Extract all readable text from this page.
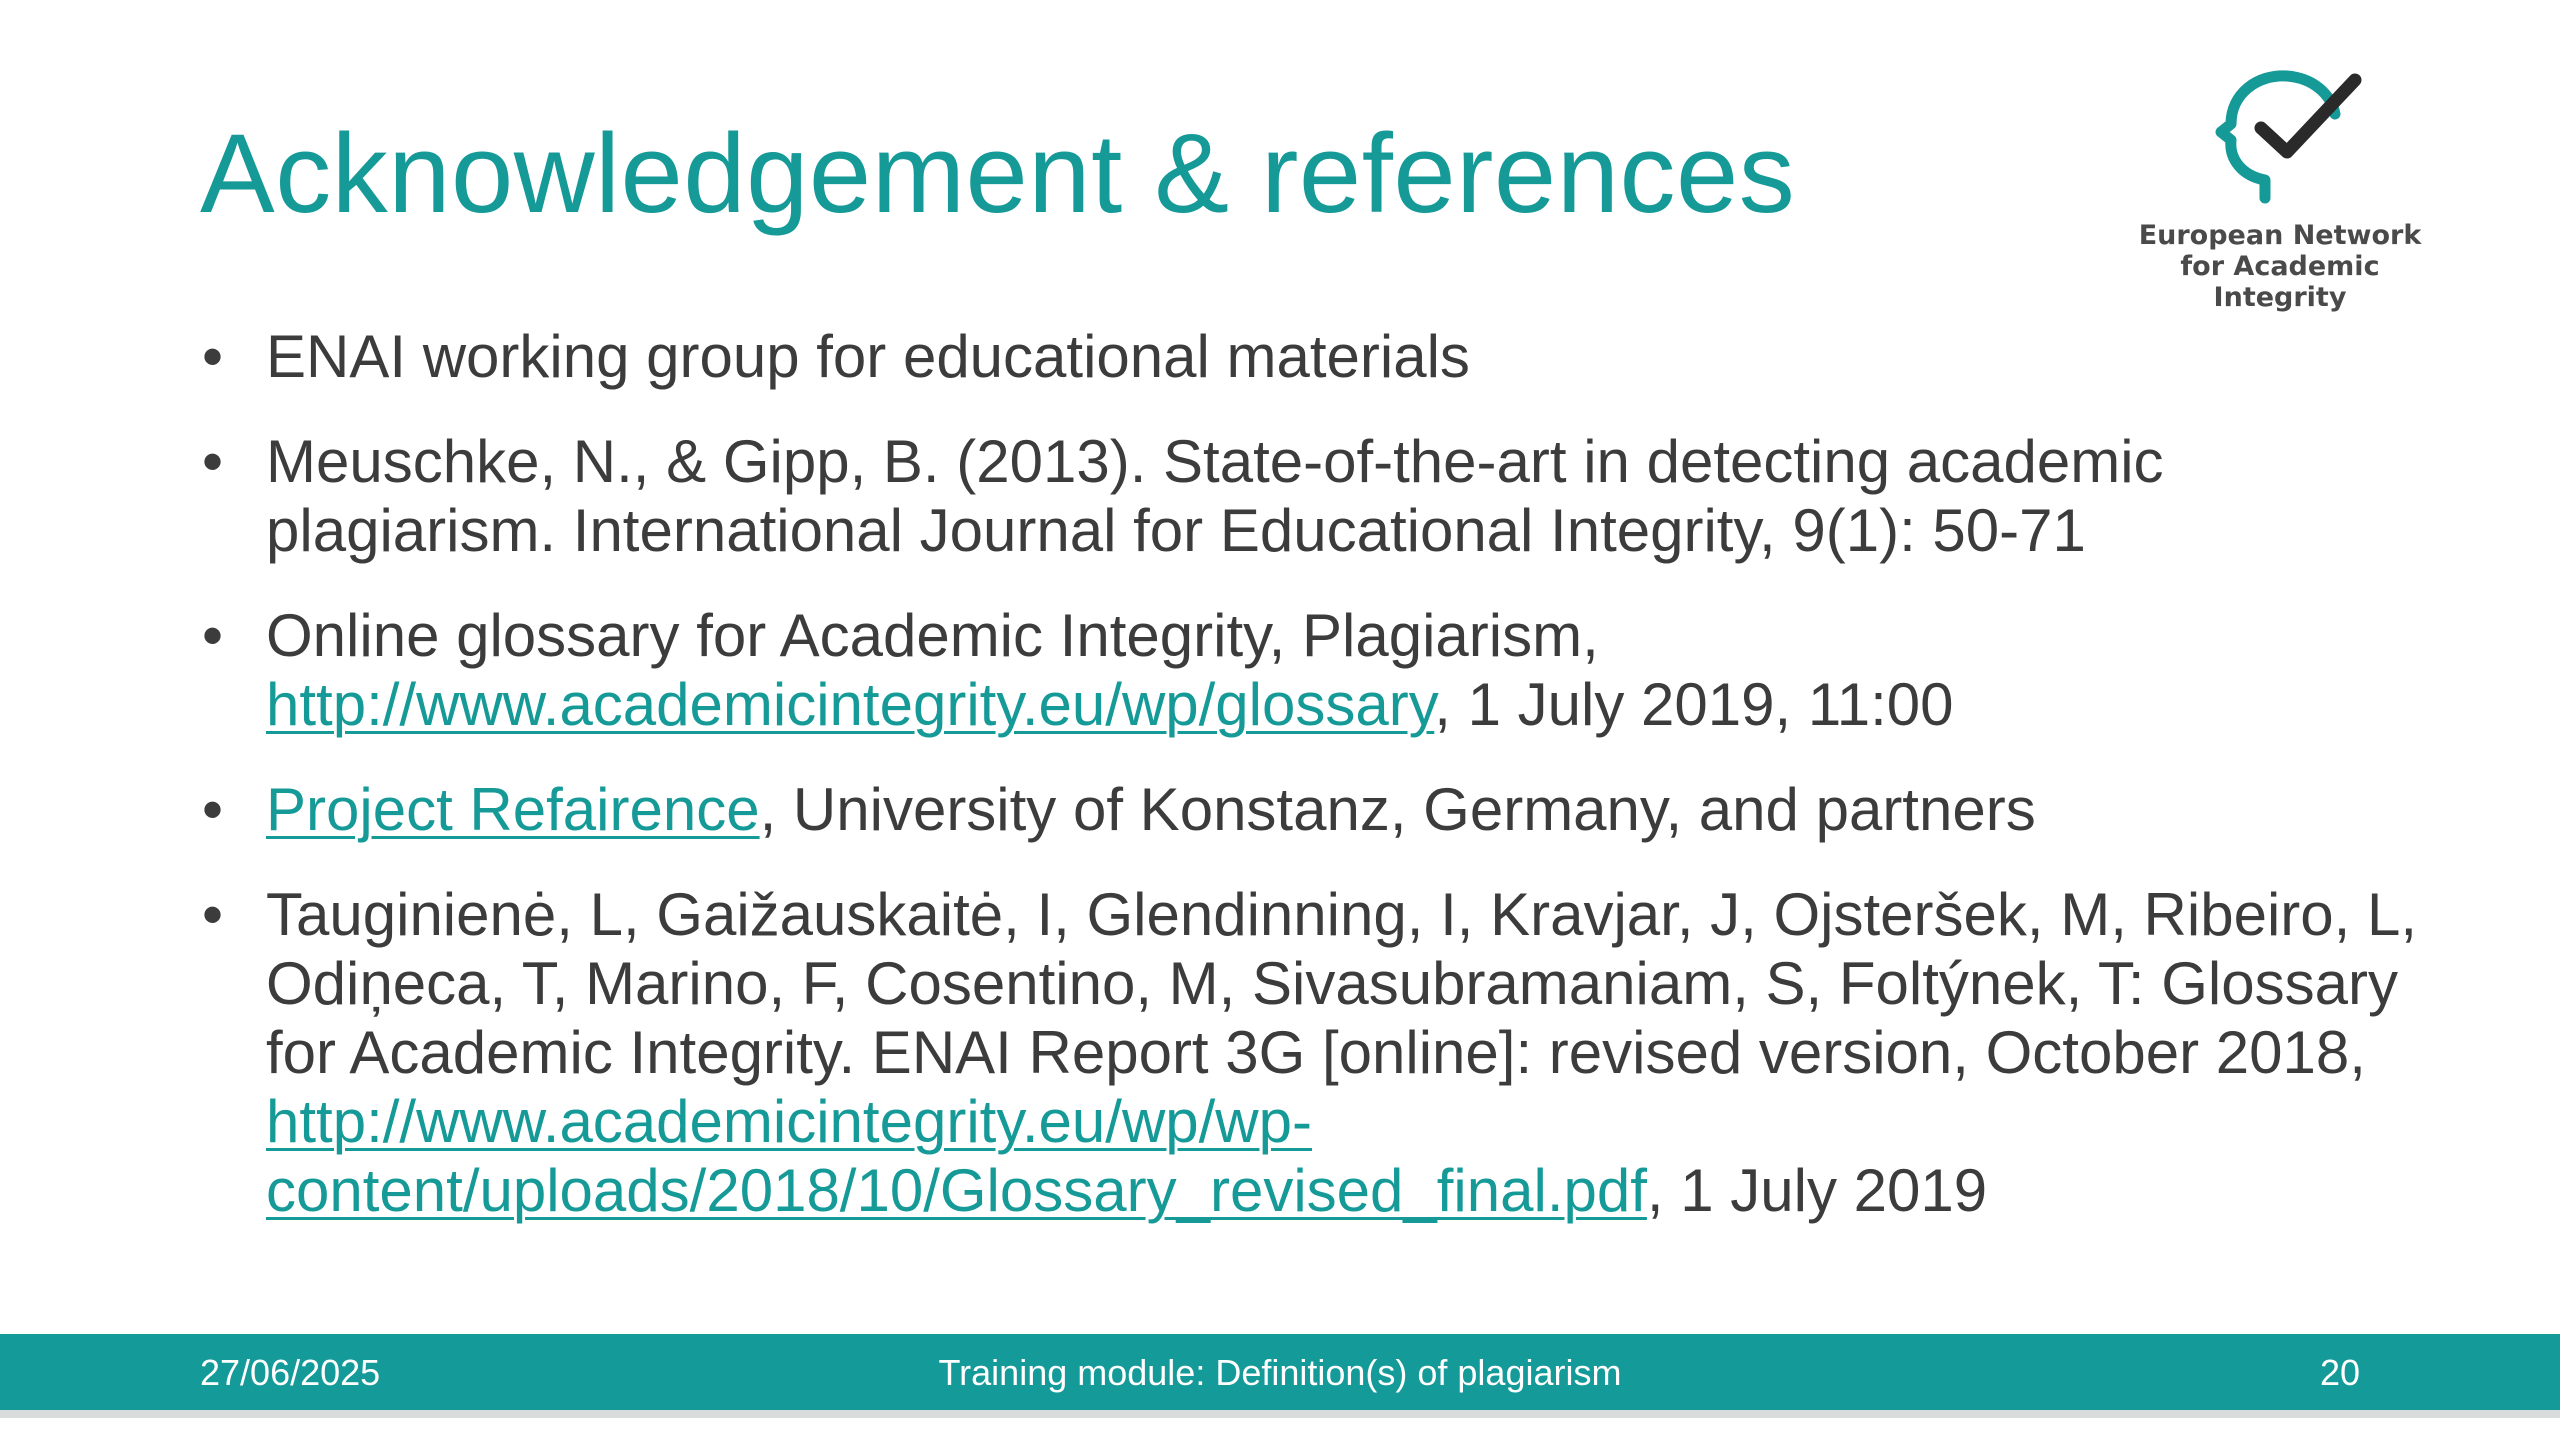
Acknowledgement & references	European Network
for Academic
Integrity
• ENAI working group for educational materials
• Meuschke, N., & Gipp, B. (2013). State-of-the-art in detecting academic plagiarism. International Journal for Educational Integrity, 9(1): 50-71
• Online glossary for Academic Integrity, Plagiarism, http://www.academicintegrity.eu/wp/glossary, 1 July 2019, 11:00
• Project Refairence, University of Konstanz, Germany, and partners
• Tauginienė, L, Gaižauskaitė, I, Glendinning, I, Kravjar, J, Ojsteršek, M, Ribeiro, L, Odiņeca, T, Marino, F, Cosentino, M, Sivasubramaniam, S, Foltýnek, T: Glossary for Academic Integrity. ENAI Report 3G [online]: revised version, October 2018, http://www.academicintegrity.eu/wp/wp-content/uploads/2018/10/Glossary_revised_final.pdf, 1 July 2019
27/06/2025	Training module: Definition(s) of plagiarism	20
